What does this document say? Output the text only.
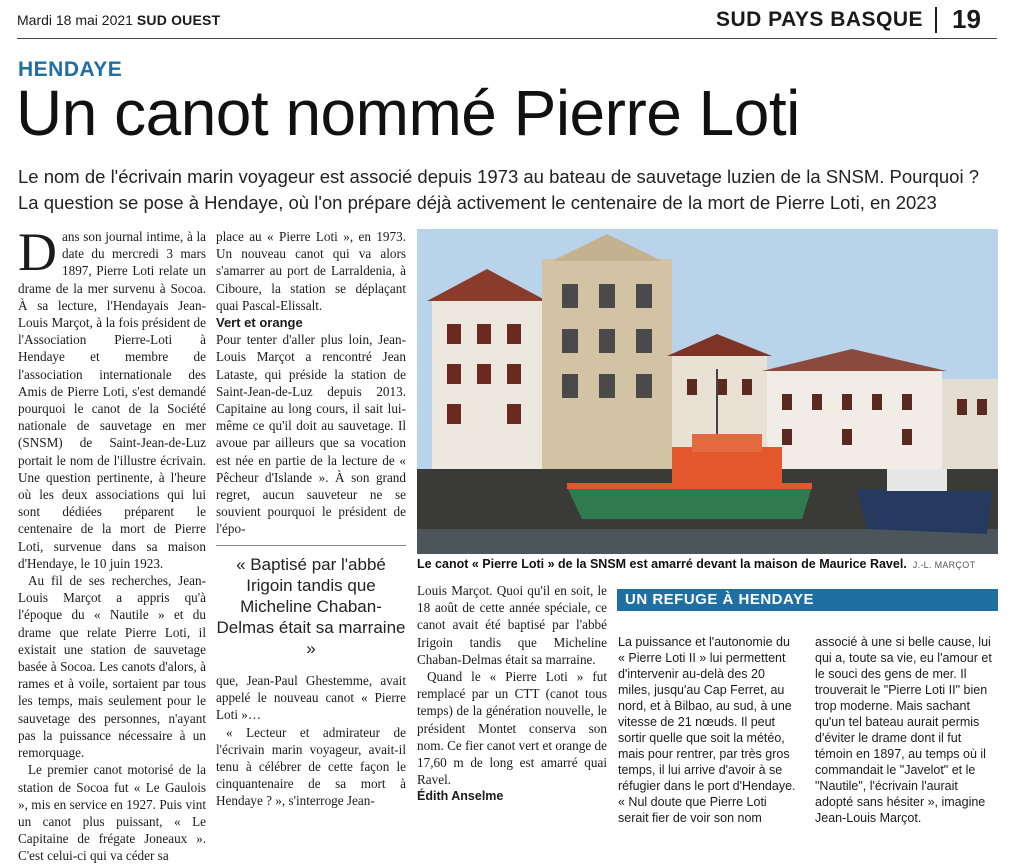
Mardi 18 mai 2021 SUD OUEST	SUD PAYS BASQUE 19
HENDAYE
Un canot nommé Pierre Loti
Le nom de l'écrivain marin voyageur est associé depuis 1973 au bateau de sauvetage luzien de la SNSM. Pourquoi ? La question se pose à Hendaye, où l'on prépare déjà activement le centenaire de la mort de Pierre Loti, en 2023

Dans son journal intime, à la date du mercredi 3 mars 1897, Pierre Loti relate un drame de la mer survenu à Socoa. À sa lecture, l'Hendayais Jean-Louis Marçot, à la fois président de l'Association Pierre-Loti à Hendaye et membre de l'association internationale des Amis de Pierre Loti, s'est demandé pourquoi le canot de la Société nationale de sauvetage en mer (SNSM) de Saint-Jean-de-Luz portait le nom de l'illustre écrivain. Une question pertinente, à l'heure où les deux associations qui lui sont dédiées préparent le centenaire de la mort de Pierre Loti, survenue dans sa maison d'Hendaye, le 10 juin 1923.

Au fil de ses recherches, Jean-Louis Marçot a appris qu'à l'époque du « Nautile » et du drame que relate Pierre Loti, il existait une station de sauvetage basée à Socoa. Les canots d'alors, à rames et à voile, sortaient par tous les temps, mais seulement pour le sauvetage des personnes, n'ayant pas la puissance nécessaire à un remorquage.

Le premier canot motorisé de la station de Socoa fut « Le Gaulois », mis en service en 1927. Puis vint un canot plus puissant, « Le Capitaine de frégate Joneaux ». C'est celui-ci qui va céder sa

place au « Pierre Loti », en 1973. Un nouveau canot qui va alors s'amarrer au port de Larraldenia, à Ciboure, la station se déplaçant quai Pascal-Elissalt.

Vert et orange

Pour tenter d'aller plus loin, Jean-Louis Marçot a rencontré Jean Lataste, qui préside la station de Saint-Jean-de-Luz depuis 2013. Capitaine au long cours, il sait lui-même ce qu'il doit au sauvetage. Il avoue par ailleurs que sa vocation est née en partie de la lecture de « Pêcheur d'Islande ». À son grand regret, aucun sauveteur ne se souvient pourquoi le président de l'épo-

« Baptisé par l'abbé Irigoin tandis que Micheline Chaban-Delmas était sa marraine »

que, Jean-Paul Ghestemme, avait appelé le nouveau canot « Pierre Loti »…

« Lecteur et admirateur de l'écrivain marin voyageur, avait-il tenu à célébrer de cette façon le cinquantenaire de sa mort à Hendaye ? », s'interroge Jean-

Louis Marçot. Quoi qu'il en soit, le 18 août de cette année spéciale, ce canot avait été baptisé par l'abbé Irigoin tandis que Micheline Chaban-Delmas était sa marraine.

Quand le « Pierre Loti » fut remplacé par un CTT (canot tous temps) de la génération nouvelle, le président Montet conserva son nom. Ce fier canot vert et orange de 17,60 m de long est amarré quai Ravel.

Édith Anselme
Le canot « Pierre Loti » de la SNSM est amarré devant la maison de Maurice Ravel. J.-L. MARÇOT
UN REFUGE À HENDAYE

La puissance et l'autonomie du « Pierre Loti II » lui permettent d'intervenir au-delà des 20 miles, jusqu'au Cap Ferret, au nord, et à Bilbao, au sud, à une vitesse de 21 nœuds. Il peut sortir quelle que soit la météo, mais pour rentrer, par très gros temps, il lui arrive d'avoir à se réfugier dans le port d'Hendaye. « Nul doute que Pierre Loti serait fier de voir son nom

associé à une si belle cause, lui qui a, toute sa vie, eu l'amour et le souci des gens de mer. Il trouverait le "Pierre Loti II" bien trop moderne. Mais sachant qu'un tel bateau aurait permis d'éviter le drame dont il fut témoin en 1897, au temps où il commandait le "Javelot" et le "Nautile", l'écrivain l'aurait adopté sans hésiter », imagine Jean-Louis Marçot.
